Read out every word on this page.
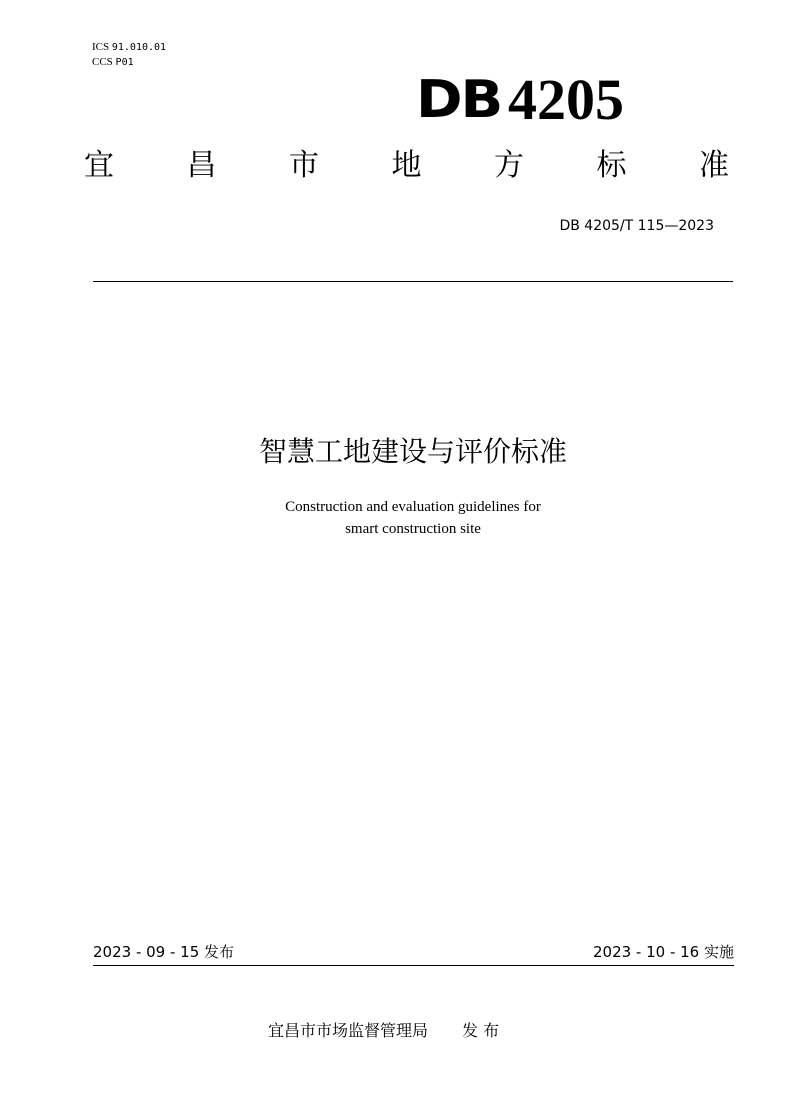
ICS 91.010.01
CCS P01
DB 4205
宜 昌 市 地 方 标 准
DB 4205/T 115—2023
智慧工地建设与评价标准
Construction and evaluation guidelines for
smart construction site
2023 - 09 - 15 发布	2023 - 10 - 16 实施
宜昌市市场监督管理局 发 布
